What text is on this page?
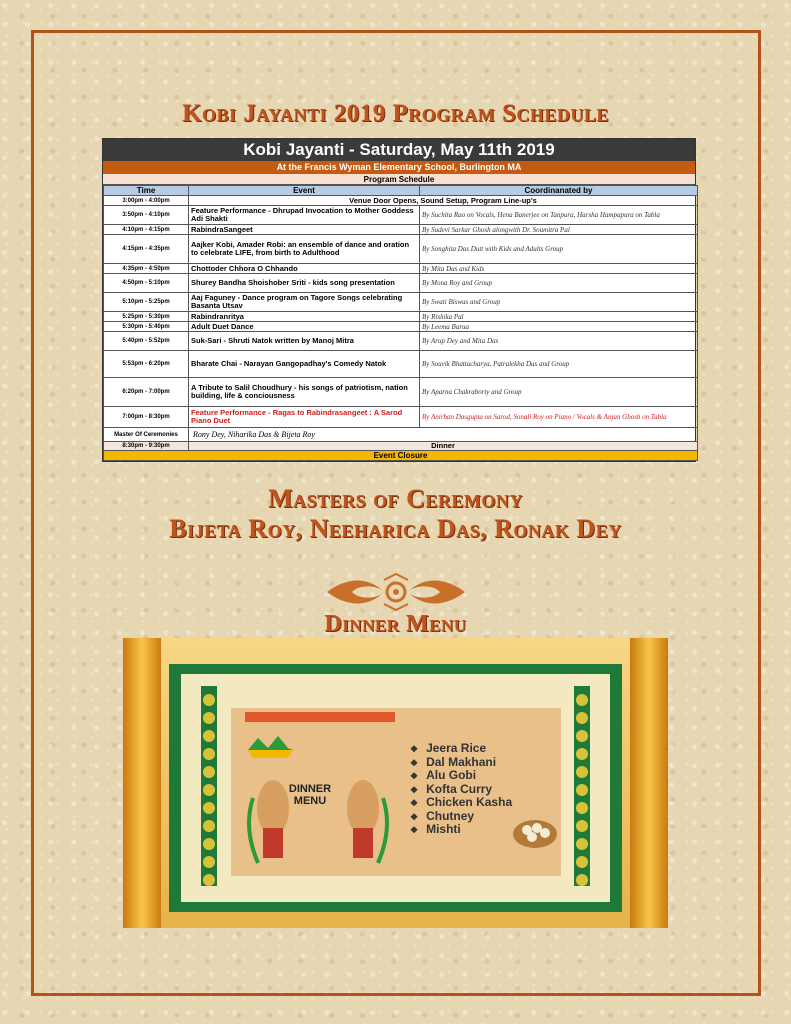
Kobi Jayanti 2019 Program Schedule
Kobi Jayanti - Saturday, May 11th 2019
At the Francis Wyman Elementary School, Burlington MA
Program Schedule
Time	Event	Coordinanated by
3:00pm - 4:00pm	Venue Door Opens, Sound Setup, Program Line-up's	
3:50pm - 4:10pm	Feature Performance - Dhrupad Invocation to Mother Goddess Adi Shakti	By Suchita Rao on Vocals, Hena Banerjee on Tanpura, Harsha Hampapura on Tabla
4:10pm - 4:15pm	RabindraSangeet	By Sudevi Sarkar Ghosh alongwith Dr. Soumitra Pal
4:15pm - 4:35pm	Aajker Kobi, Amader Robi: an ensemble of dance and oration to celebrate LIFE, from birth to Adulthood	By Songhita Das Dutt with Kids and Adults Group
4:35pm - 4:50pm	Chottoder Chhora O Chhando	By Mita Das and Kids
4:50pm - 5:10pm	Shurey Bandha Shoishober Sriti - kids song presentation	By Mona Roy and Group
5:10pm - 5:25pm	Aaj Faguney - Dance program on Tagore Songs celebrating Basanta Utsav	By Swati Biswas and Group
5:25pm - 5:30pm	Rabindranritya	By Rishika Pal
5:30pm - 5:40pm	Adult Duet Dance	By Leema Barua
5:40pm - 5:52pm	Suk-Sari - Shruti Natok written by Manoj Mitra	By Arup Dey and Mita Das
5:53pm - 6:20pm	Bharate Chai - Narayan Gangopadhay's Comedy Natok	By Souvik Bhattacharya, Patralekha Das and Group
6:20pm - 7:00pm	A Tribute to Salil Choudhury - his songs of patriotism, nation building, life & conciousness	By Aparna Chakraborty and Group
7:00pm - 8:30pm	Feature Performance - Ragas to Rabindrasangeet : A Sarod Piano Duet	By Anirban Dasgupta on Sarod, Sonali Roy on Piano / Vocals & Anjan Ghosh on Tabla
Master Of Ceremonies	Rony Dey, Niharika Das & Bijeta Roy	
8:30pm - 9:30pm	Dinner	
Event Closure		
Masters of Ceremony
Bijeta Roy, Neeharica Das, Ronak Dey
Dinner Menu
DINNER MENU
❖ Jeera Rice
❖ Dal Makhani
❖ Alu Gobi
❖ Kofta Curry
❖ Chicken Kasha
❖ Chutney
❖ Mishti
